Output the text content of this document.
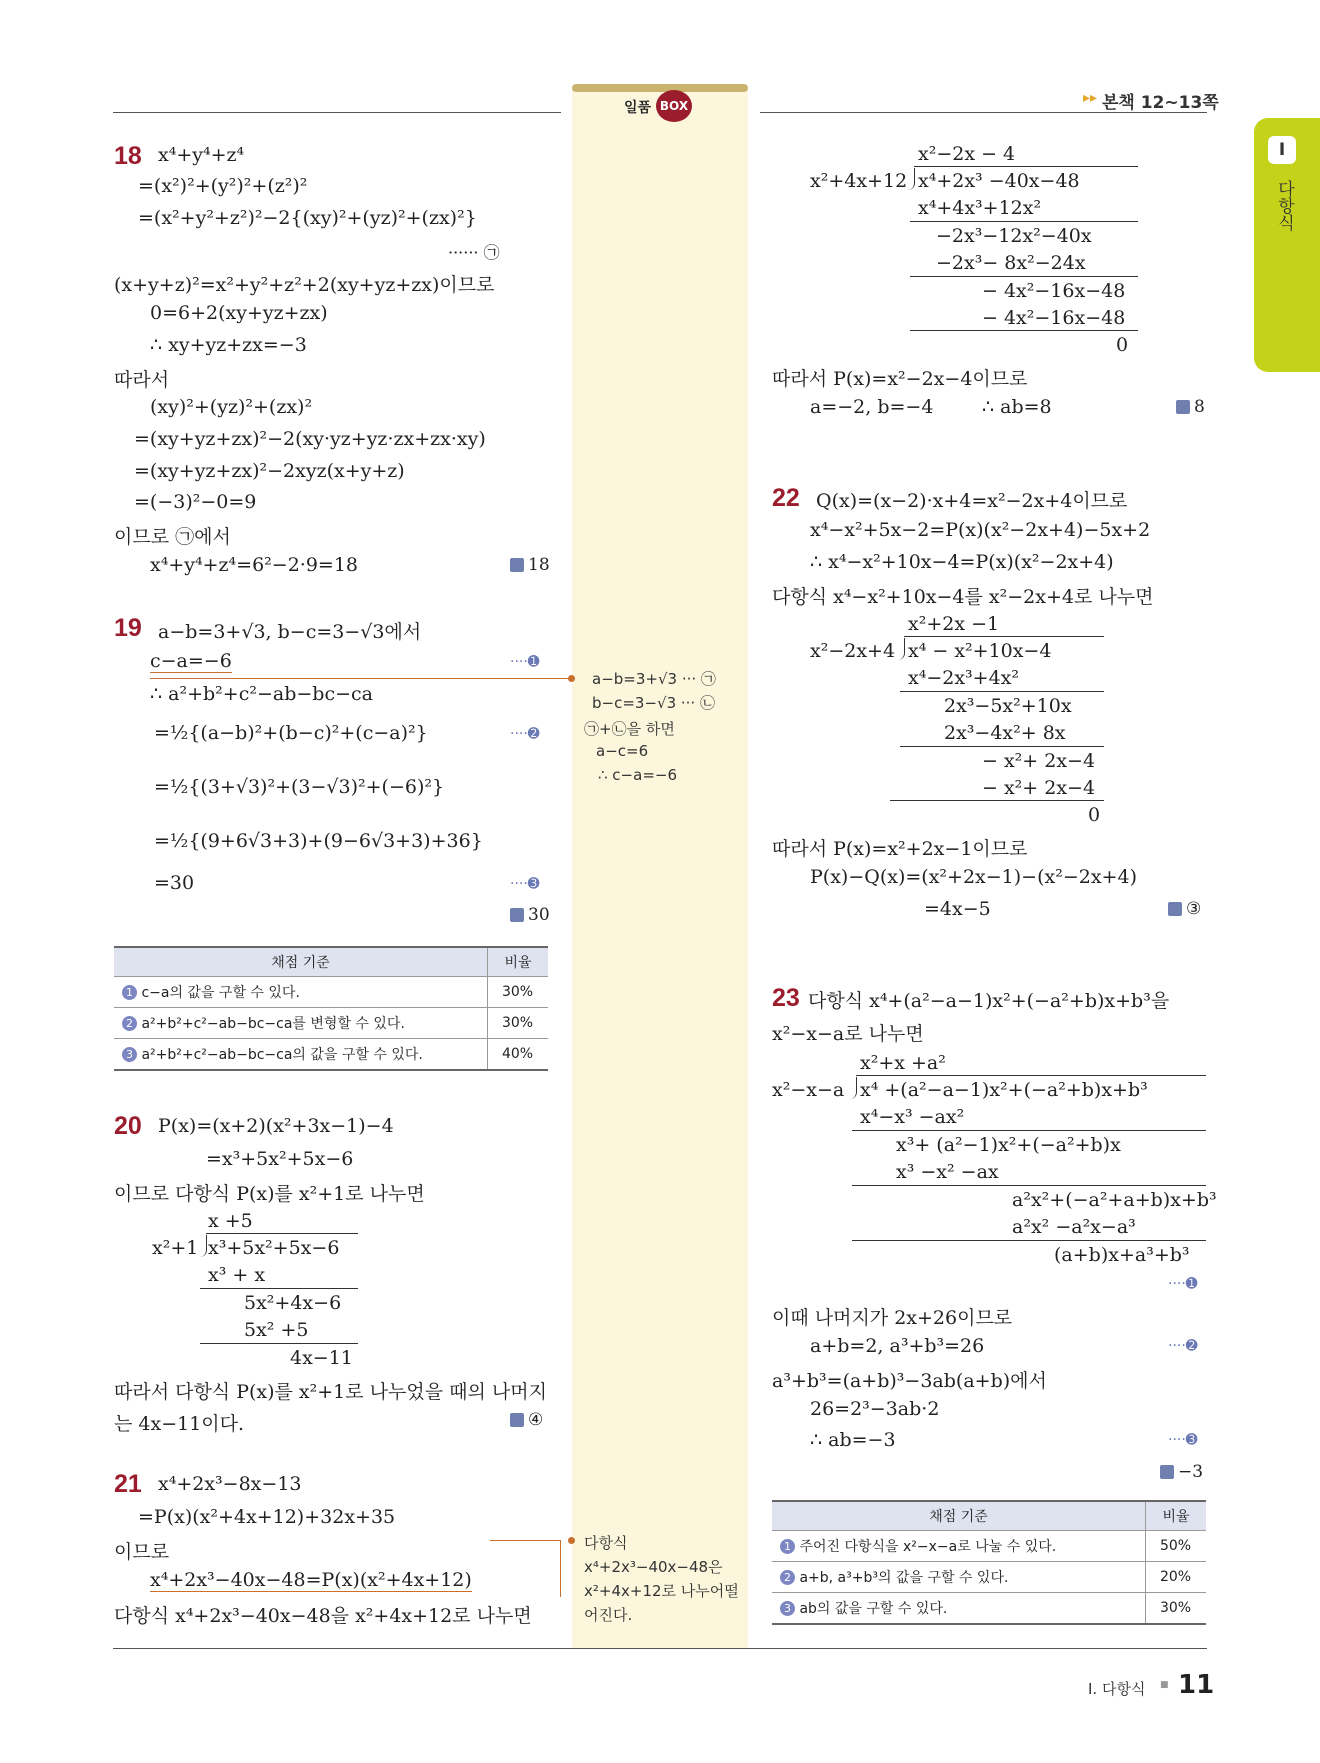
일품 BOX	▸▸ 본책 12~13쪽
I
다항식
18 x⁴+y⁴+z⁴
=(x²)²+(y²)²+(z²)²
=(x²+y²+z²)²−2{(xy)²+(yz)²+(zx)²}
······ ㉠
(x+y+z)²=x²+y²+z²+2(xy+yz+zx)이므로
0=6+2(xy+yz+zx)
∴ xy+yz+zx=−3
따라서
(xy)²+(yz)²+(zx)²
=(xy+yz+zx)²−2(xy·yz+yz·zx+zx·xy)
=(xy+yz+zx)²−2xyz(x+y+z)
=(−3)²−0=9
이므로 ㉠에서
x⁴+y⁴+z⁴=6²−2·9=18	18
19 a−b=3+√3, b−c=3−√3에서
c−a=−6	····➊
∴ a²+b²+c²−ab−bc−ca
=½{(a−b)²+(b−c)²+(c−a)²}	····➋
=½{(3+√3)²+(3−√3)²+(−6)²}
=½{(9+6√3+3)+(9−6√3+3)+36}
=30	····➌
30
a−b=3+√3 ··· ㉠
b−c=3−√3 ··· ㉡
㉠+㉡을 하면
a−c=6
∴ c−a=−6
채점 기준	비율
1 c−a의 값을 구할 수 있다.	30%
2 a²+b²+c²−ab−bc−ca를 변형할 수 있다.	30%
3 a²+b²+c²−ab−bc−ca의 값을 구할 수 있다.	40%
20 P(x)=(x+2)(x²+3x−1)−4
=x³+5x²+5x−6
이므로 다항식 P(x)를 x²+1로 나누면
x +5
x²+1 x³+5x²+5x−6
x³ + x
5x²+4x−6
5x² +5
4x−11
따라서 다항식 P(x)를 x²+1로 나누었을 때의 나머지
는 4x−11이다.	④
21 x⁴+2x³−8x−13
=P(x)(x²+4x+12)+32x+35
이므로
x⁴+2x³−40x−48=P(x)(x²+4x+12)
다항식 x⁴+2x³−40x−48을 x²+4x+12로 나누면
다항식
x⁴+2x³−40x−48은
x²+4x+12로 나누어떨
어진다.
x²−2x − 4
x²+4x+12 x⁴+2x³ −40x−48
x⁴+4x³+12x²
−2x³−12x²−40x
−2x³− 8x²−24x
− 4x²−16x−48
− 4x²−16x−48
0
따라서 P(x)=x²−2x−4이므로
a=−2, b=−4	∴ ab=8	8
22 Q(x)=(x−2)·x+4=x²−2x+4이므로
x⁴−x²+5x−2=P(x)(x²−2x+4)−5x+2
∴ x⁴−x²+10x−4=P(x)(x²−2x+4)
다항식 x⁴−x²+10x−4를 x²−2x+4로 나누면
x²+2x −1
x²−2x+4 x⁴ − x²+10x−4
x⁴−2x³+4x²
2x³−5x²+10x
2x³−4x²+ 8x
− x²+ 2x−4
− x²+ 2x−4
0
따라서 P(x)=x²+2x−1이므로
P(x)−Q(x)=(x²+2x−1)−(x²−2x+4)
=4x−5	③
23 다항식 x⁴+(a²−a−1)x²+(−a²+b)x+b³을
x²−x−a로 나누면
x²+x +a²
x²−x−a x⁴ +(a²−a−1)x²+(−a²+b)x+b³
x⁴−x³ −ax²
x³+ (a²−1)x²+(−a²+b)x
x³ −x² −ax
a²x²+(−a²+a+b)x+b³
a²x² −a²x−a³
(a+b)x+a³+b³
····➊
이때 나머지가 2x+26이므로
a+b=2, a³+b³=26	····➋
a³+b³=(a+b)³−3ab(a+b)에서
26=2³−3ab·2
∴ ab=−3	····➌
−3
채점 기준	비율
1 주어진 다항식을 x²−x−a로 나눌 수 있다.	50%
2 a+b, a³+b³의 값을 구할 수 있다.	20%
3 ab의 값을 구할 수 있다.	30%
I. 다항식 ■ 11
